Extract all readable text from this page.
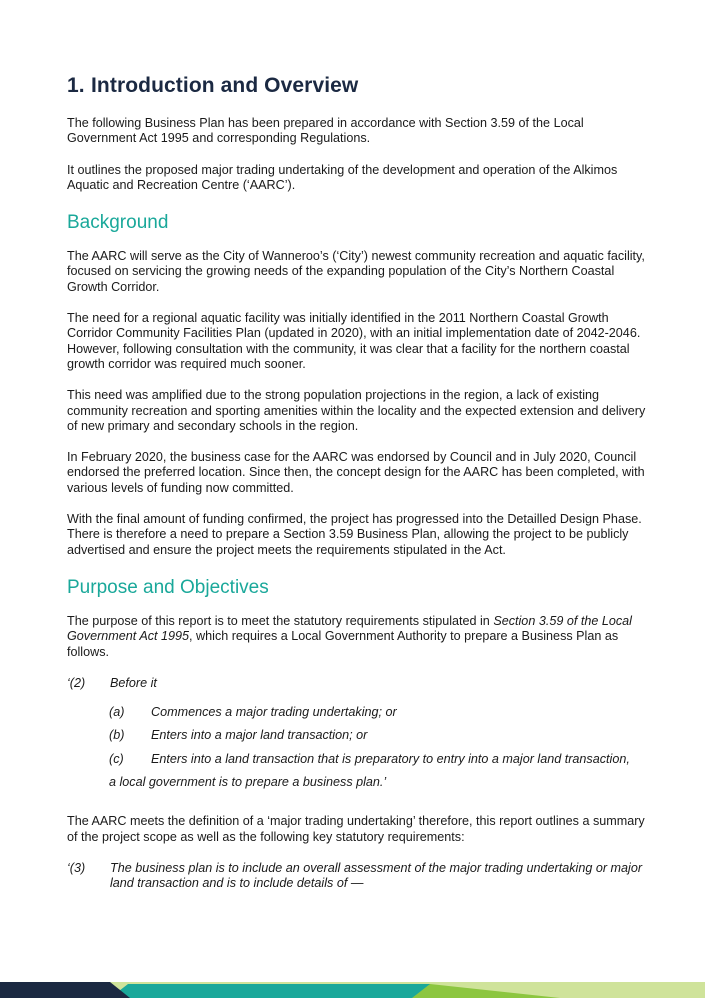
1. Introduction and Overview

The following Business Plan has been prepared in accordance with Section 3.59 of the Local Government Act 1995 and corresponding Regulations.

It outlines the proposed major trading undertaking of the development and operation of the Alkimos Aquatic and Recreation Centre (‘AARC’).

Background

The AARC will serve as the City of Wanneroo’s (‘City’) newest community recreation and aquatic facility, focused on servicing the growing needs of the expanding population of the City’s Northern Coastal Growth Corridor.

The need for a regional aquatic facility was initially identified in the 2011 Northern Coastal Growth Corridor Community Facilities Plan (updated in 2020), with an initial implementation date of 2042-2046. However, following consultation with the community, it was clear that a facility for the northern coastal growth corridor was required much sooner.

This need was amplified due to the strong population projections in the region, a lack of existing community recreation and sporting amenities within the locality and the expected extension and delivery of new primary and secondary schools in the region.

In February 2020, the business case for the AARC was endorsed by Council and in July 2020, Council endorsed the preferred location. Since then, the concept design for the AARC has been completed, with various levels of funding now committed.

With the final amount of funding confirmed, the project has progressed into the Detailled Design Phase. There is therefore a need to prepare a Section 3.59 Business Plan, allowing the project to be publicly advertised and ensure the project meets the requirements stipulated in the Act.

Purpose and Objectives

The purpose of this report is to meet the statutory requirements stipulated in Section 3.59 of the Local Government Act 1995, which requires a Local Government Authority to prepare a Business Plan as follows.

‘(2)	Before it
(a)	Commences a major trading undertaking; or
(b)	Enters into a major land transaction; or
(c)	Enters into a land transaction that is preparatory to entry into a major land transaction,
a local government is to prepare a business plan.’

The AARC meets the definition of a ‘major trading undertaking’ therefore, this report outlines a summary of the project scope as well as the following key statutory requirements:

‘(3)	The business plan is to include an overall assessment of the major trading undertaking or major land transaction and is to include details of —
